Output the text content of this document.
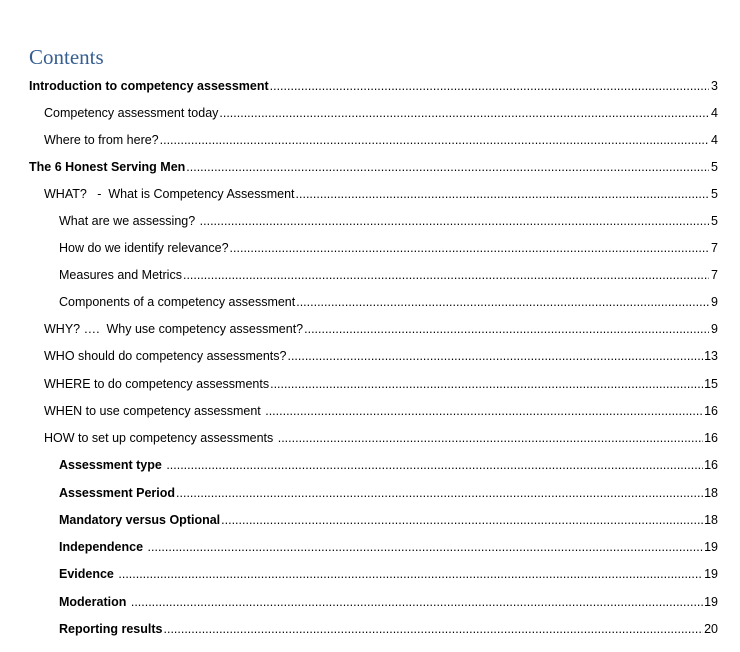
Contents
Introduction to competency assessment .....	3
Competency assessment today .....	4
Where to from here? .....	4
The 6 Honest Serving Men .....	5
WHAT?   -  What is Competency Assessment .....	5
What are we assessing? .....	5
How do we identify relevance? .....	7
Measures and Metrics .....	7
Components of a competency assessment .....	9
WHY? ….  Why use competency assessment? .....	9
WHO should do competency assessments? .....	13
WHERE to do competency assessments .....	15
WHEN to use competency assessment .....	16
HOW to set up competency assessments .....	16
Assessment type .....	16
Assessment Period .....	18
Mandatory versus Optional .....	18
Independence .....	19
Evidence .....	19
Moderation .....	19
Reporting results .....	20
